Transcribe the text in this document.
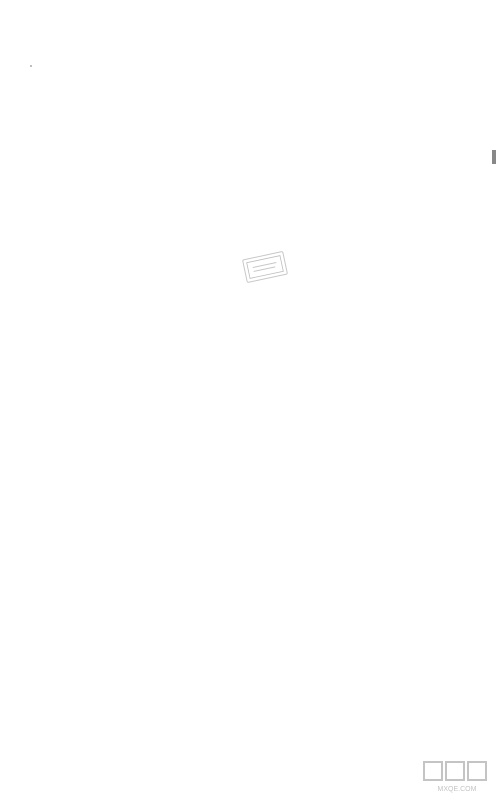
MXQE.COM
